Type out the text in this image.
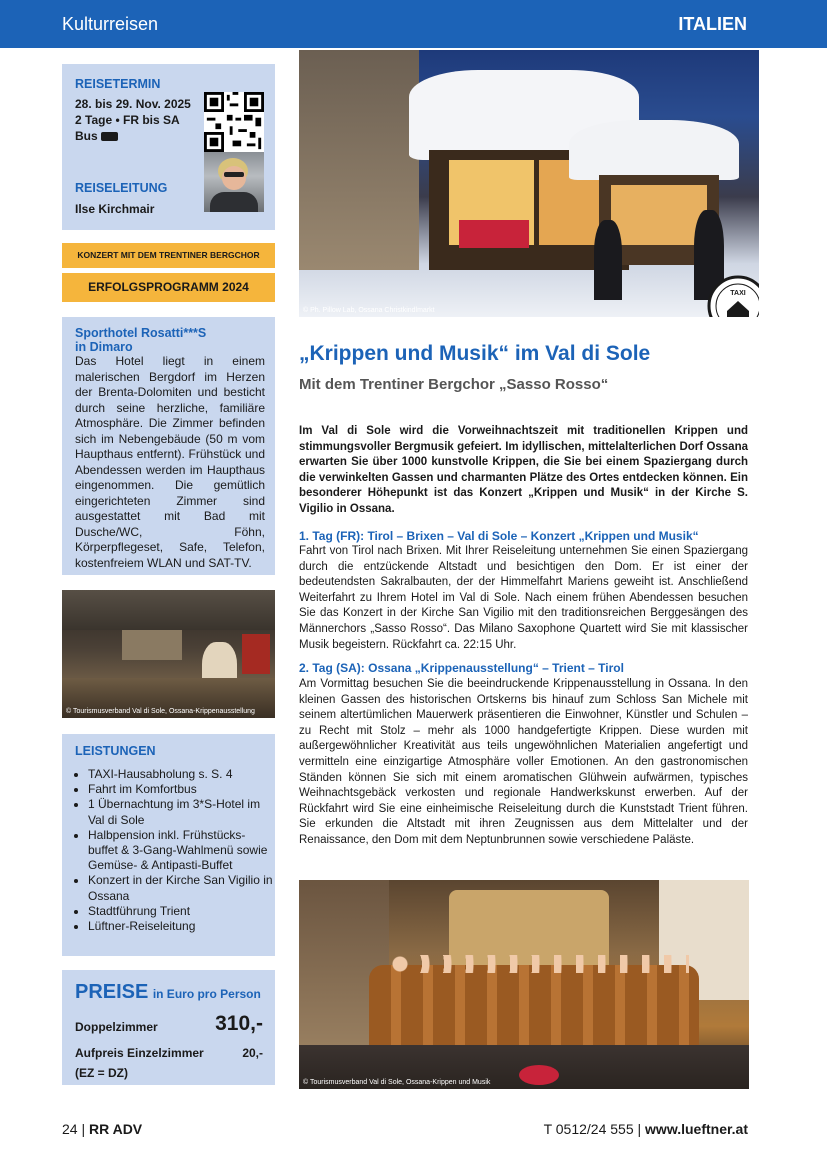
Kulturreisen	ITALIEN
REISETERMIN
28. bis 29. Nov. 2025
2 Tage • FR bis SA
Bus
REISELEITUNG
Ilse Kirchmair
KONZERT MIT DEM TRENTINER BERGCHOR
ERFOLGSPROGRAMM 2024
Sporthotel Rosatti***S
in Dimaro

Das Hotel liegt in einem malerischen Bergdorf im Herzen der Brenta-Dolomiten und besticht durch seine herzliche, familiäre Atmosphäre. Die Zimmer befinden sich im Nebengebäude (50 m vom Haupthaus entfernt). Frühstück und Abendessen werden im Haupthaus eingenommen. Die gemütlich eingerichteten Zimmer sind ausgestattet mit Bad mit Dusche/WC, Föhn, Körperpflegeset, Safe, Telefon, kostenfreiem WLAN und SAT-TV.

© Tourismusverband Val di Sole, Ossana-Krippenausstellung
LEISTUNGEN
• TAXI-Hausabholung s. S. 4
• Fahrt im Komfortbus
• 1 Übernachtung im 3*S-Hotel im Val di Sole
• Halbpension inkl. Frühstücks-buffet & 3-Gang-Wahlmenü sowie Gemüse- & Antipasti-Buffet
• Konzert in der Kirche San Vigilio in Ossana
• Stadtführung Trient
• Lüftner-Reiseleitung
PREISE in Euro pro Person
Doppelzimmer	310,-
Aufpreis Einzelzimmer	20,-
(EZ = DZ)
© Ph. Pillow Lab, Ossana Christkindlmarkt
TAXI
HAUSABHOLUNG
„Krippen und Musik“ im Val di Sole
Mit dem Trentiner Bergchor „Sasso Rosso“

Im Val di Sole wird die Vorweihnachtszeit mit traditionellen Krippen und stimmungsvoller Bergmusik gefeiert. Im idyllischen, mittelalterlichen Dorf Ossana erwarten Sie über 1000 kunstvolle Krippen, die Sie bei einem Spaziergang durch die verwinkelten Gassen und charmanten Plätze des Ortes entdecken können. Ein besonderer Höhepunkt ist das Konzert „Krippen und Musik“ in der Kirche S. Vigilio in Ossana.

1. Tag (FR): Tirol – Brixen – Val di Sole – Konzert „Krippen und Musik“

Fahrt von Tirol nach Brixen. Mit Ihrer Reiseleitung unternehmen Sie einen Spaziergang durch die entzückende Altstadt und besichtigen den Dom. Er ist einer der bedeutendsten Sakralbauten, der der Himmelfahrt Mariens geweiht ist. Anschließend Weiterfahrt zu Ihrem Hotel im Val di Sole. Nach einem frühen Abendessen besuchen Sie das Konzert in der Kirche San Vigilio mit den traditionsreichen Berggesängen des Männerchors „Sasso Rosso“. Das Milano Saxophone Quartett wird Sie mit klassischer Musik begeistern. Rückfahrt ca. 22:15 Uhr.

2. Tag (SA): Ossana „Krippenausstellung“ – Trient – Tirol

Am Vormittag besuchen Sie die beeindruckende Krippenausstellung in Ossana. In den kleinen Gassen des historischen Ortskerns bis hinauf zum Schloss San Michele mit seinem altertümlichen Mauerwerk präsentieren die Einwohner, Künstler und Schulen – zu Recht mit Stolz – mehr als 1000 handgefertigte Krippen. Diese wurden mit außergewöhnlicher Kreativität aus teils ungewöhnlichen Materialien angefertigt und vermitteln eine einzigartige Atmosphäre voller Emotionen. An den gastronomischen Ständen können Sie sich mit einem aromatischen Glühwein aufwärmen, typisches Weihnachtsgebäck verkosten und regionale Handwerkskunst erwerben. Auf der Rückfahrt wird Sie eine einheimische Reiseleitung durch die Kunststadt Trient führen. Sie erkunden die Altstadt mit ihren Zeugnissen aus dem Mittelalter und der Renaissance, den Dom mit dem Neptunbrunnen sowie verschiedene Paläste.

© Tourismusverband Val di Sole, Ossana-Krippen und Musik
24 | RR ADV	T 0512/24 555 | www.lueftner.at
